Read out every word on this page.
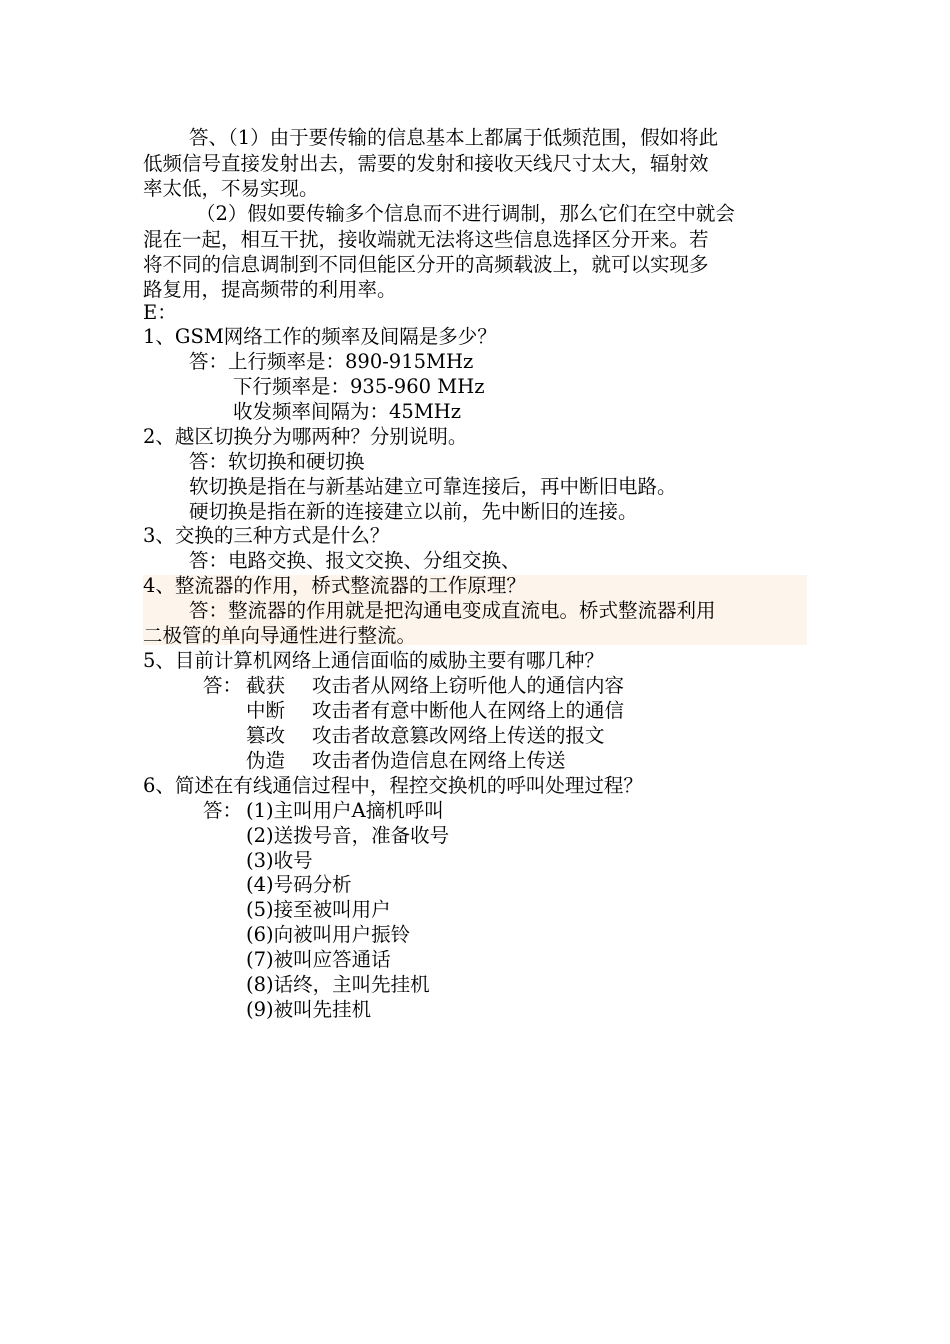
答、（1）由于要传输的信息基本上都属于低频范围，假如将此
低频信号直接发射出去，需要的发射和接收天线尺寸太大，辐射效
率太低，不易实现。
（2）假如要传输多个信息而不进行调制，那么它们在空中就会
混在一起，相互干扰，接收端就无法将这些信息选择区分开来。若
将不同的信息调制到不同但能区分开的高频载波上，就可以实现多
路复用，提高频带的利用率。
E：
1、GSM网络工作的频率及间隔是多少？
答：上行频率是：890-915MHz
下行频率是：935-960 MHz
收发频率间隔为：45MHz
2、越区切换分为哪两种？分别说明。
答：软切换和硬切换
软切换是指在与新基站建立可靠连接后，再中断旧电路。
硬切换是指在新的连接建立以前，先中断旧的连接。
3、交换的三种方式是什么？
答：电路交换、报文交换、分组交换、
4、整流器的作用，桥式整流器的工作原理？
答：整流器的作用就是把沟通电变成直流电。桥式整流器利用
二极管的单向导通性进行整流。
5、目前计算机网络上通信面临的威胁主要有哪几种？
答： 截获 攻击者从网络上窃听他人的通信内容
中断 攻击者有意中断他人在网络上的通信
篡改 攻击者故意篡改网络上传送的报文
伪造 攻击者伪造信息在网络上传送
6、简述在有线通信过程中，程控交换机的呼叫处理过程？
答： (1)主叫用户A摘机呼叫
(2)送拨号音，准备收号
(3)收号
(4)号码分析
(5)接至被叫用户
(6)向被叫用户振铃
(7)被叫应答通话
(8)话终，主叫先挂机
(9)被叫先挂机
